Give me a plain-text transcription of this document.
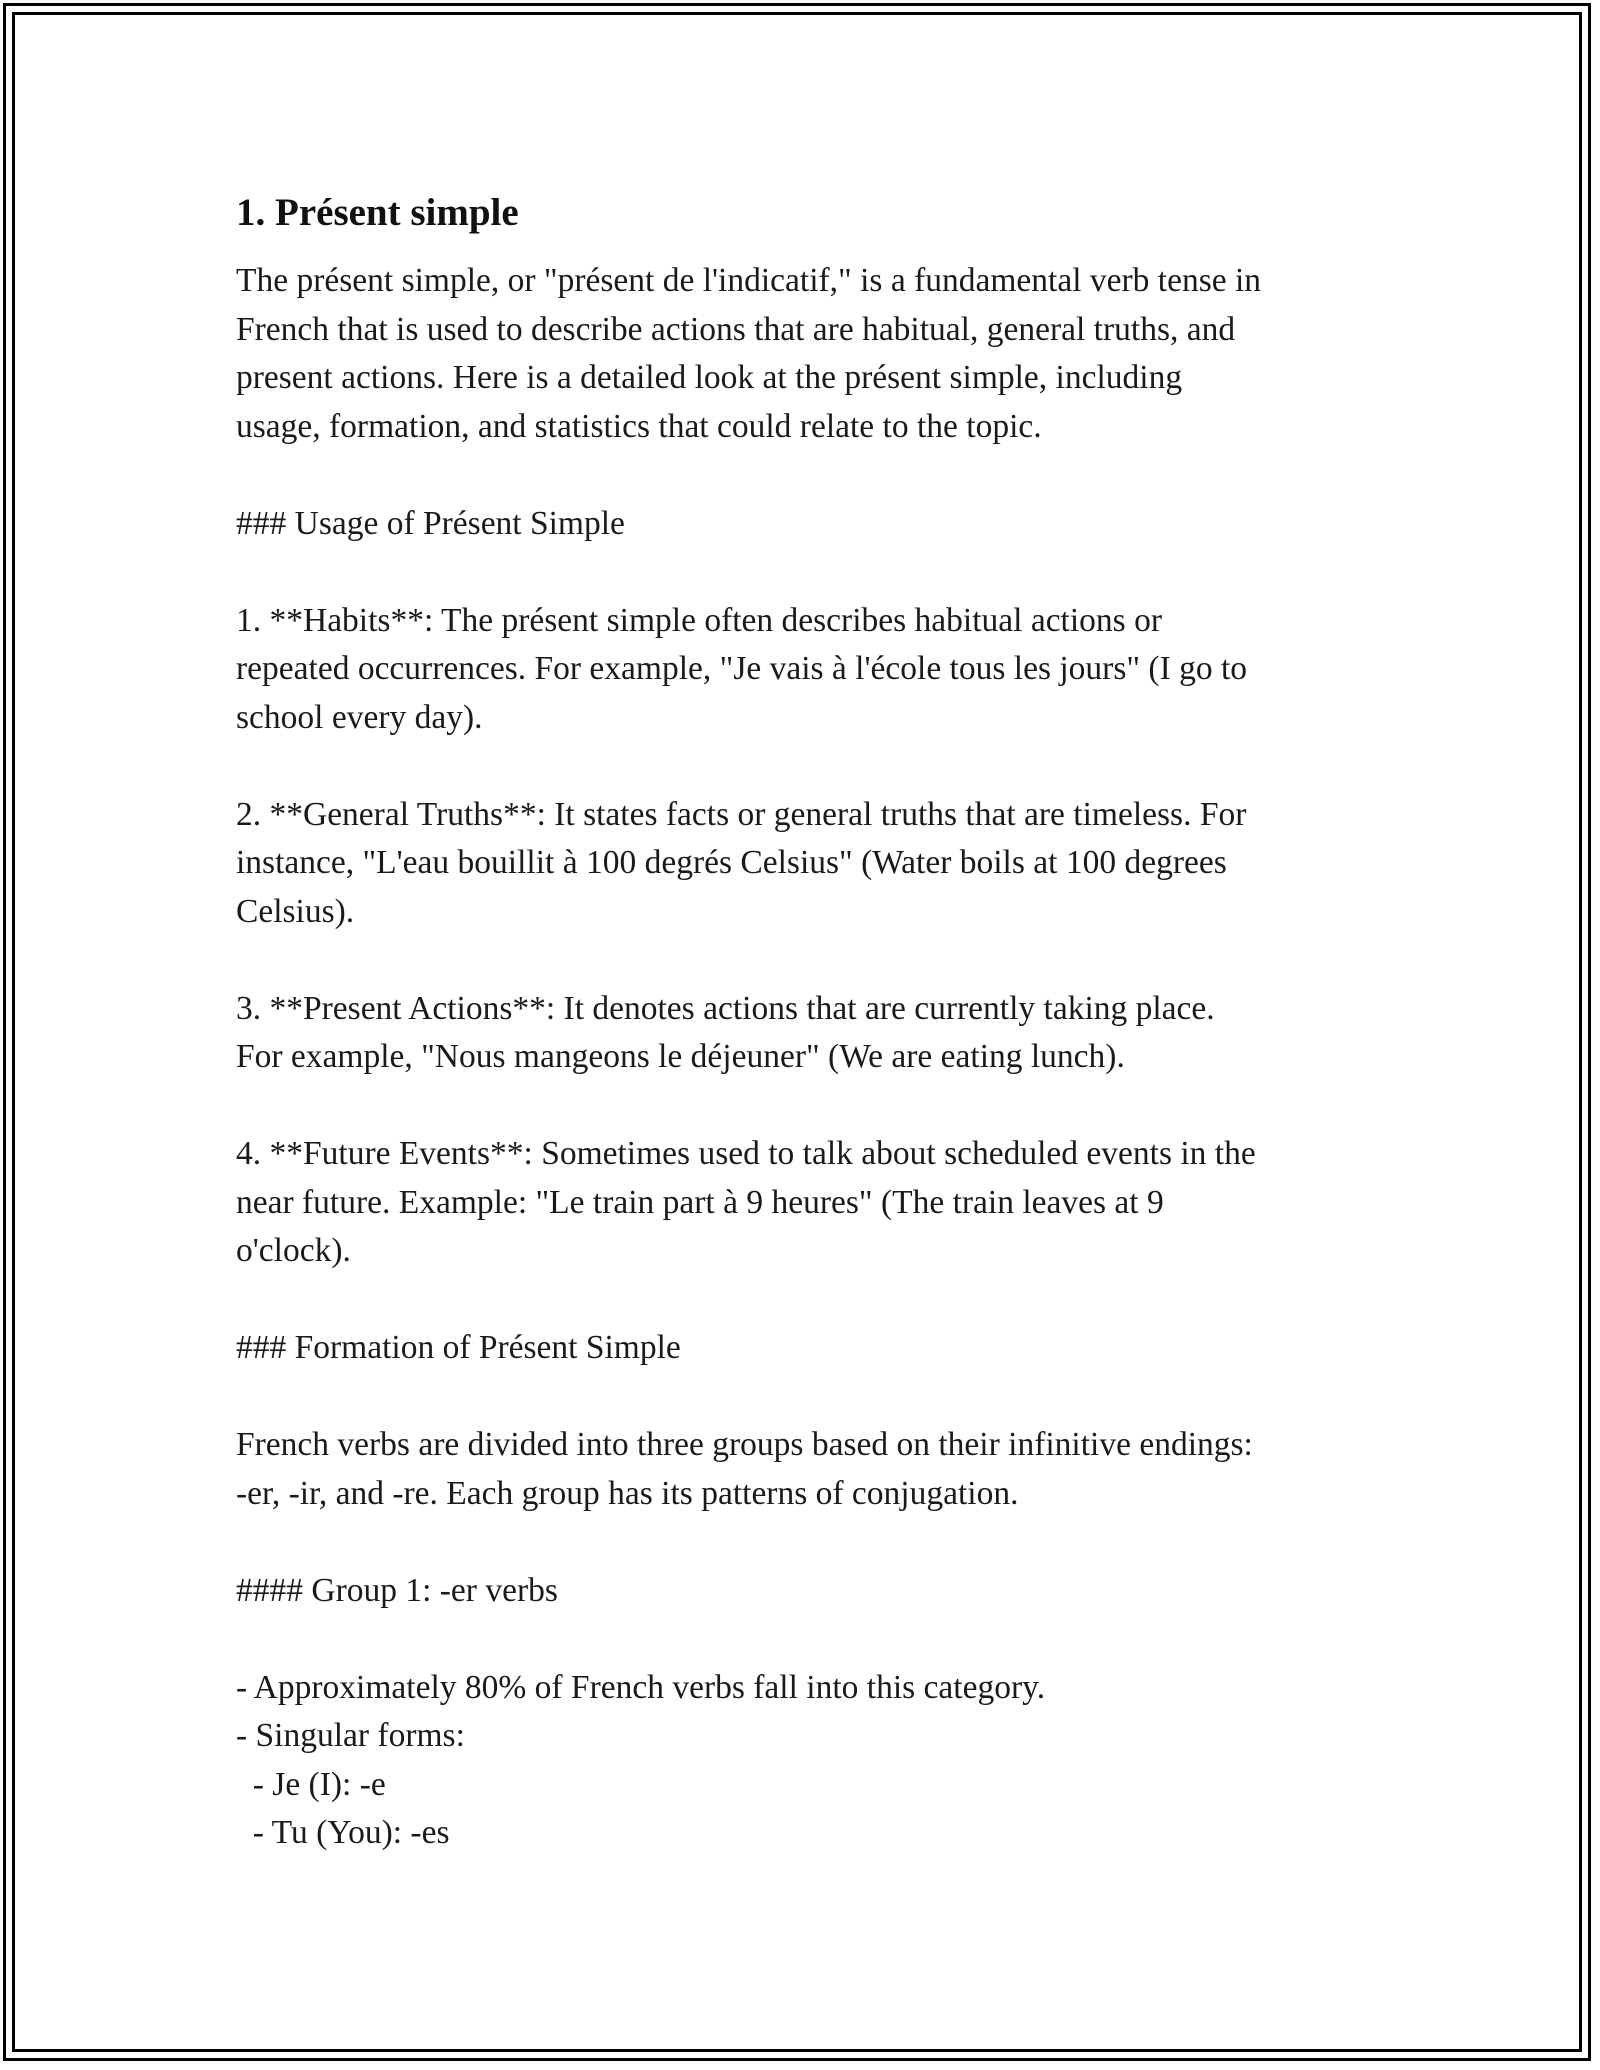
1. Présent simple

The présent simple, or "présent de l'indicatif," is a fundamental verb tense in
French that is used to describe actions that are habitual, general truths, and
present actions. Here is a detailed look at the présent simple, including
usage, formation, and statistics that could relate to the topic.

### Usage of Présent Simple

1. **Habits**: The présent simple often describes habitual actions or
repeated occurrences. For example, "Je vais à l'école tous les jours" (I go to
school every day).

2. **General Truths**: It states facts or general truths that are timeless. For
instance, "L'eau bouillit à 100 degrés Celsius" (Water boils at 100 degrees
Celsius).

3. **Present Actions**: It denotes actions that are currently taking place.
For example, "Nous mangeons le déjeuner" (We are eating lunch).

4. **Future Events**: Sometimes used to talk about scheduled events in the
near future. Example: "Le train part à 9 heures" (The train leaves at 9
o'clock).

### Formation of Présent Simple

French verbs are divided into three groups based on their infinitive endings:
-er, -ir, and -re. Each group has its patterns of conjugation.

#### Group 1: -er verbs

- Approximately 80% of French verbs fall into this category.
- Singular forms:
- Je (I): -e
- Tu (You): -es
